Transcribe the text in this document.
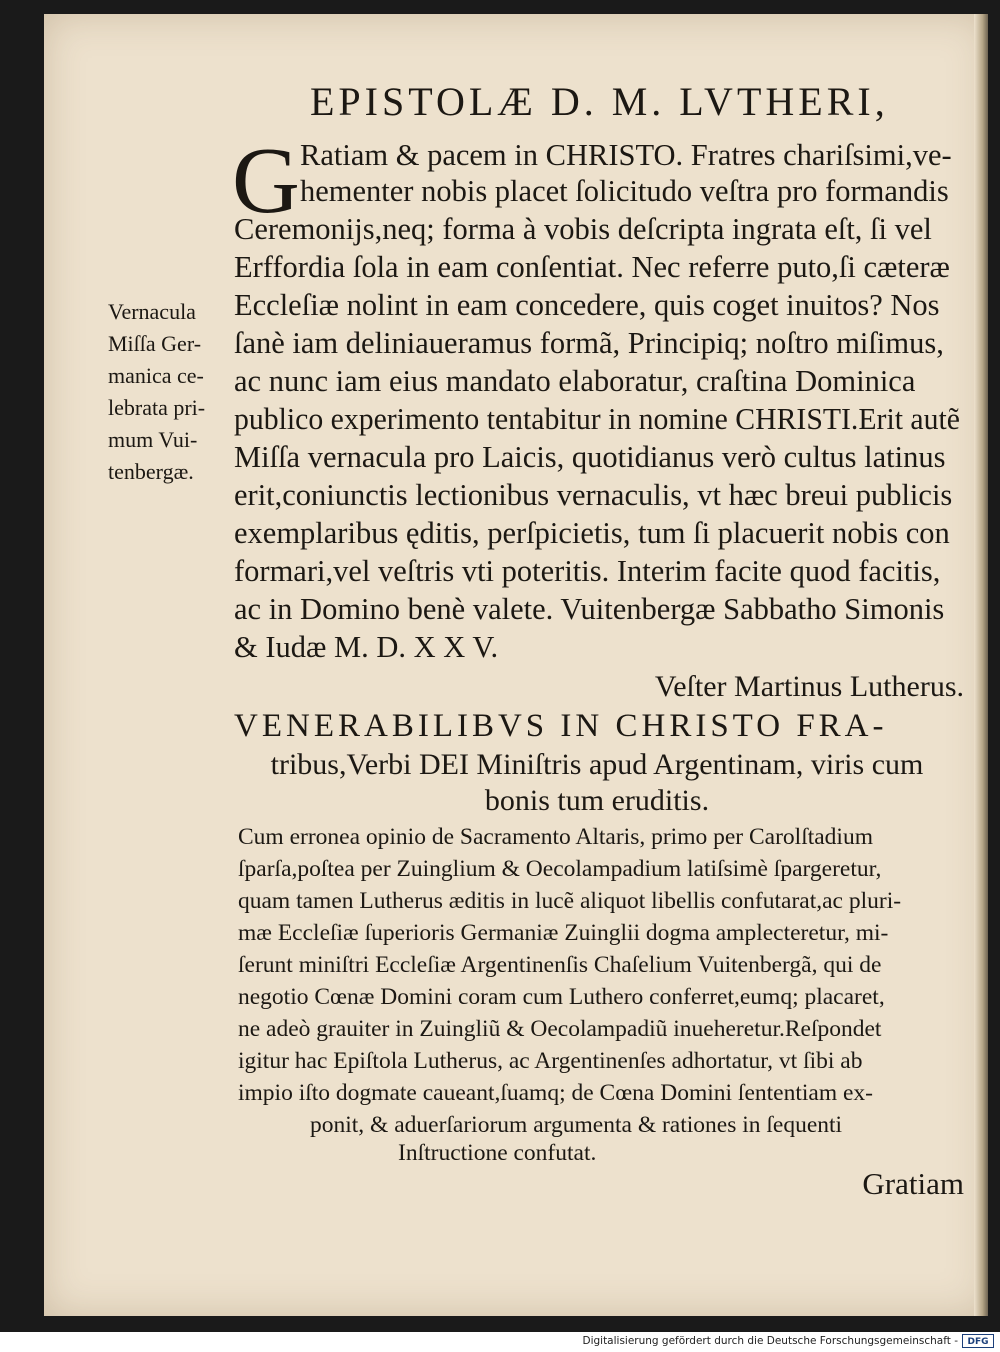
EPISTOLÆ D. M. LVTHERI,
G Ratiam & pacem in CHRISTO. Fratres chariſsimi,ve-
hementer nobis placet ſolicitudo veſtra pro formandis
Ceremonijs,neq; forma à vobis deſcripta ingrata eſt, ſi vel
Erffordia ſola in eam conſentiat. Nec referre puto,ſi cæteræ
Eccleſiæ nolint in eam concedere, quis coget inuitos? Nos
ſanè iam deliniaueramus formã, Principiq; noſtro miſimus,
ac nunc iam eius mandato elaboratur, craſtina Dominica
publico experimento tentabitur in nomine CHRISTI.Erit autẽ
Miſſa vernacula pro Laicis, quotidianus verò cultus latinus
erit,coniunctis lectionibus vernaculis, vt hæc breui publicis
exemplaribus ęditis, perſpicietis, tum ſi placuerit nobis con
formari,vel veſtris vti poteritis. Interim facite quod facitis,
ac in Domino benè valete. Vuitenbergæ Sabbatho Simonis
& Iudæ M. D. X X V.
Vernacula
Miſſa Ger-
manica ce-
lebrata pri-
mum Vui-
tenbergæ.
Veſter Martinus Lutherus.
VENERABILIBVS IN CHRISTO FRA-
tribus,Verbi DEI Miniſtris apud Argentinam, viris cum
bonis tum eruditis.
Cum erronea opinio de Sacramento Altaris, primo per Carolſtadium
ſparſa,poſtea per Zuinglium & Oecolampadium latiſsimè ſpargeretur,
quam tamen Lutherus æditis in lucẽ aliquot libellis confutarat,ac pluri-
mæ Eccleſiæ ſuperioris Germaniæ Zuinglii dogma amplecteretur, mi-
ſerunt miniſtri Eccleſiæ Argentinenſis Chaſelium Vuitenbergã, qui de
negotio Cœnæ Domini coram cum Luthero conferret,eumq; placaret,
ne adeò grauiter in Zuingliũ & Oecolampadiũ inueheretur.Reſpondet
igitur hac Epiſtola Lutherus, ac Argentinenſes adhortatur, vt ſibi ab
impio iſto dogmate caueant,ſuamq; de Cœna Domini ſententiam ex-
ponit, & aduerſariorum argumenta & rationes in ſequenti
Inſtructione confutat.
Gratiam
Digitalisierung gefördert durch die Deutsche Forschungsgemeinschaft -	DFG
